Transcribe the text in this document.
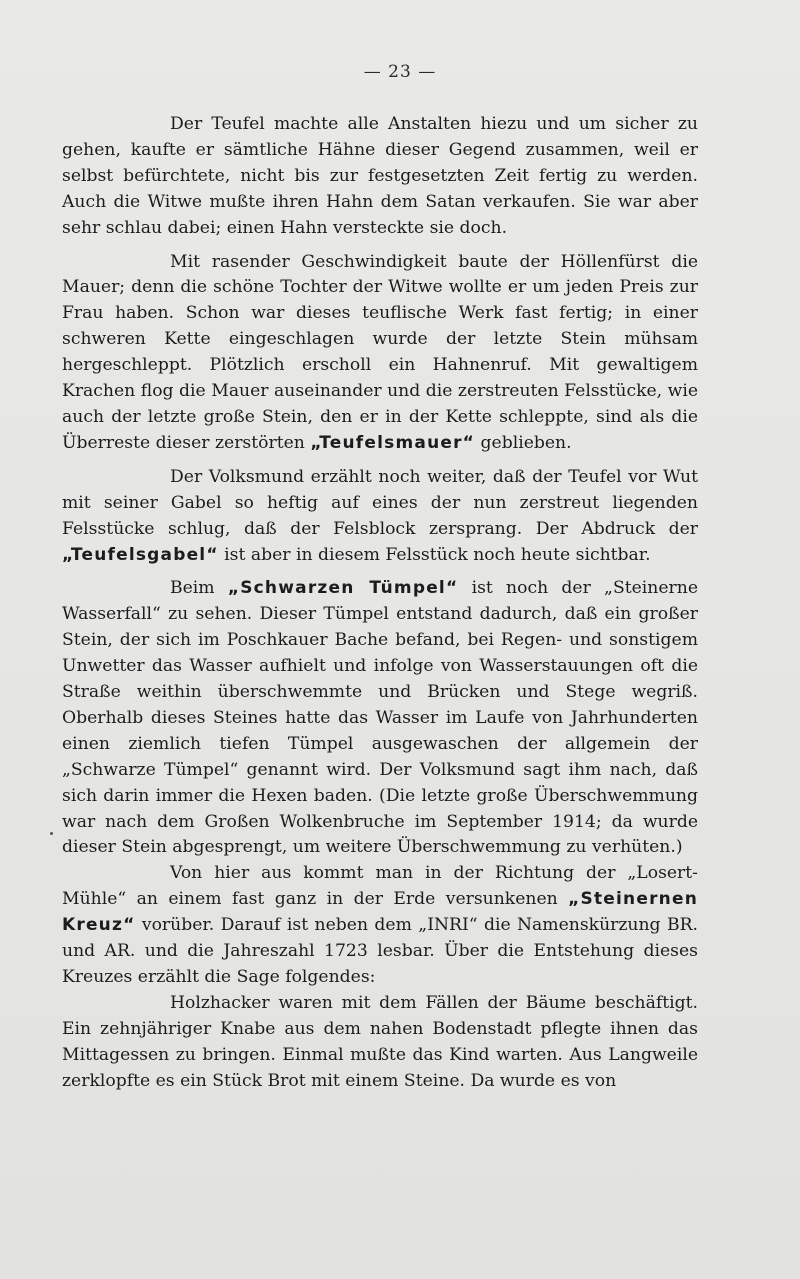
— 23 —

Der Teufel machte alle Anstalten hiezu und um sicher zu gehen, kaufte er sämtliche Hähne dieser Gegend zusammen, weil er selbst befürchtete, nicht bis zur festgesetzten Zeit fertig zu werden. Auch die Witwe mußte ihren Hahn dem Satan verkaufen. Sie war aber sehr schlau dabei; einen Hahn versteckte sie doch.

Mit rasender Geschwindigkeit baute der Höllenfürst die Mauer; denn die schöne Tochter der Witwe wollte er um jeden Preis zur Frau haben. Schon war dieses teuflische Werk fast fertig; in einer schweren Kette eingeschlagen wurde der letzte Stein mühsam hergeschleppt. Plötzlich erscholl ein Hahnenruf. Mit gewaltigem Krachen flog die Mauer auseinander und die zerstreuten Felsstücke, wie auch der letzte große Stein, den er in der Kette schleppte, sind als die Überreste dieser zerstörten „Teufelsmauer“ geblieben.

Der Volksmund erzählt noch weiter, daß der Teufel vor Wut mit seiner Gabel so heftig auf eines der nun zerstreut liegenden Felsstücke schlug, daß der Felsblock zersprang. Der Abdruck der „Teufelsgabel“ ist aber in diesem Felsstück noch heute sichtbar.

Beim „Schwarzen Tümpel“ ist noch der „Steinerne Wasserfall“ zu sehen. Dieser Tümpel entstand dadurch, daß ein großer Stein, der sich im Poschkauer Bache befand, bei Regen- und sonstigem Unwetter das Wasser aufhielt und infolge von Wasserstauungen oft die Straße weithin überschwemmte und Brücken und Stege wegriß. Oberhalb dieses Steines hatte das Wasser im Laufe von Jahrhunderten einen ziemlich tiefen Tümpel ausgewaschen der allgemein der „Schwarze Tümpel“ genannt wird. Der Volksmund sagt ihm nach, daß sich darin immer die Hexen baden. (Die letzte große Überschwemmung war nach dem Großen Wolkenbruche im September 1914; da wurde dieser Stein abgesprengt, um weitere Überschwemmung zu verhüten.)

Von hier aus kommt man in der Richtung der „Losert-Mühle“ an einem fast ganz in der Erde versunkenen „Steinernen Kreuz“ vorüber. Darauf ist neben dem „INRI“ die Namenskürzung BR. und AR. und die Jahreszahl 1723 lesbar. Über die Entstehung dieses Kreuzes erzählt die Sage folgendes:

Holzhacker waren mit dem Fällen der Bäume beschäftigt. Ein zehnjähriger Knabe aus dem nahen Bodenstadt pflegte ihnen das Mittagessen zu bringen. Einmal mußte das Kind warten. Aus Langweile zerklopfte es ein Stück Brot mit einem Steine. Da wurde es von
